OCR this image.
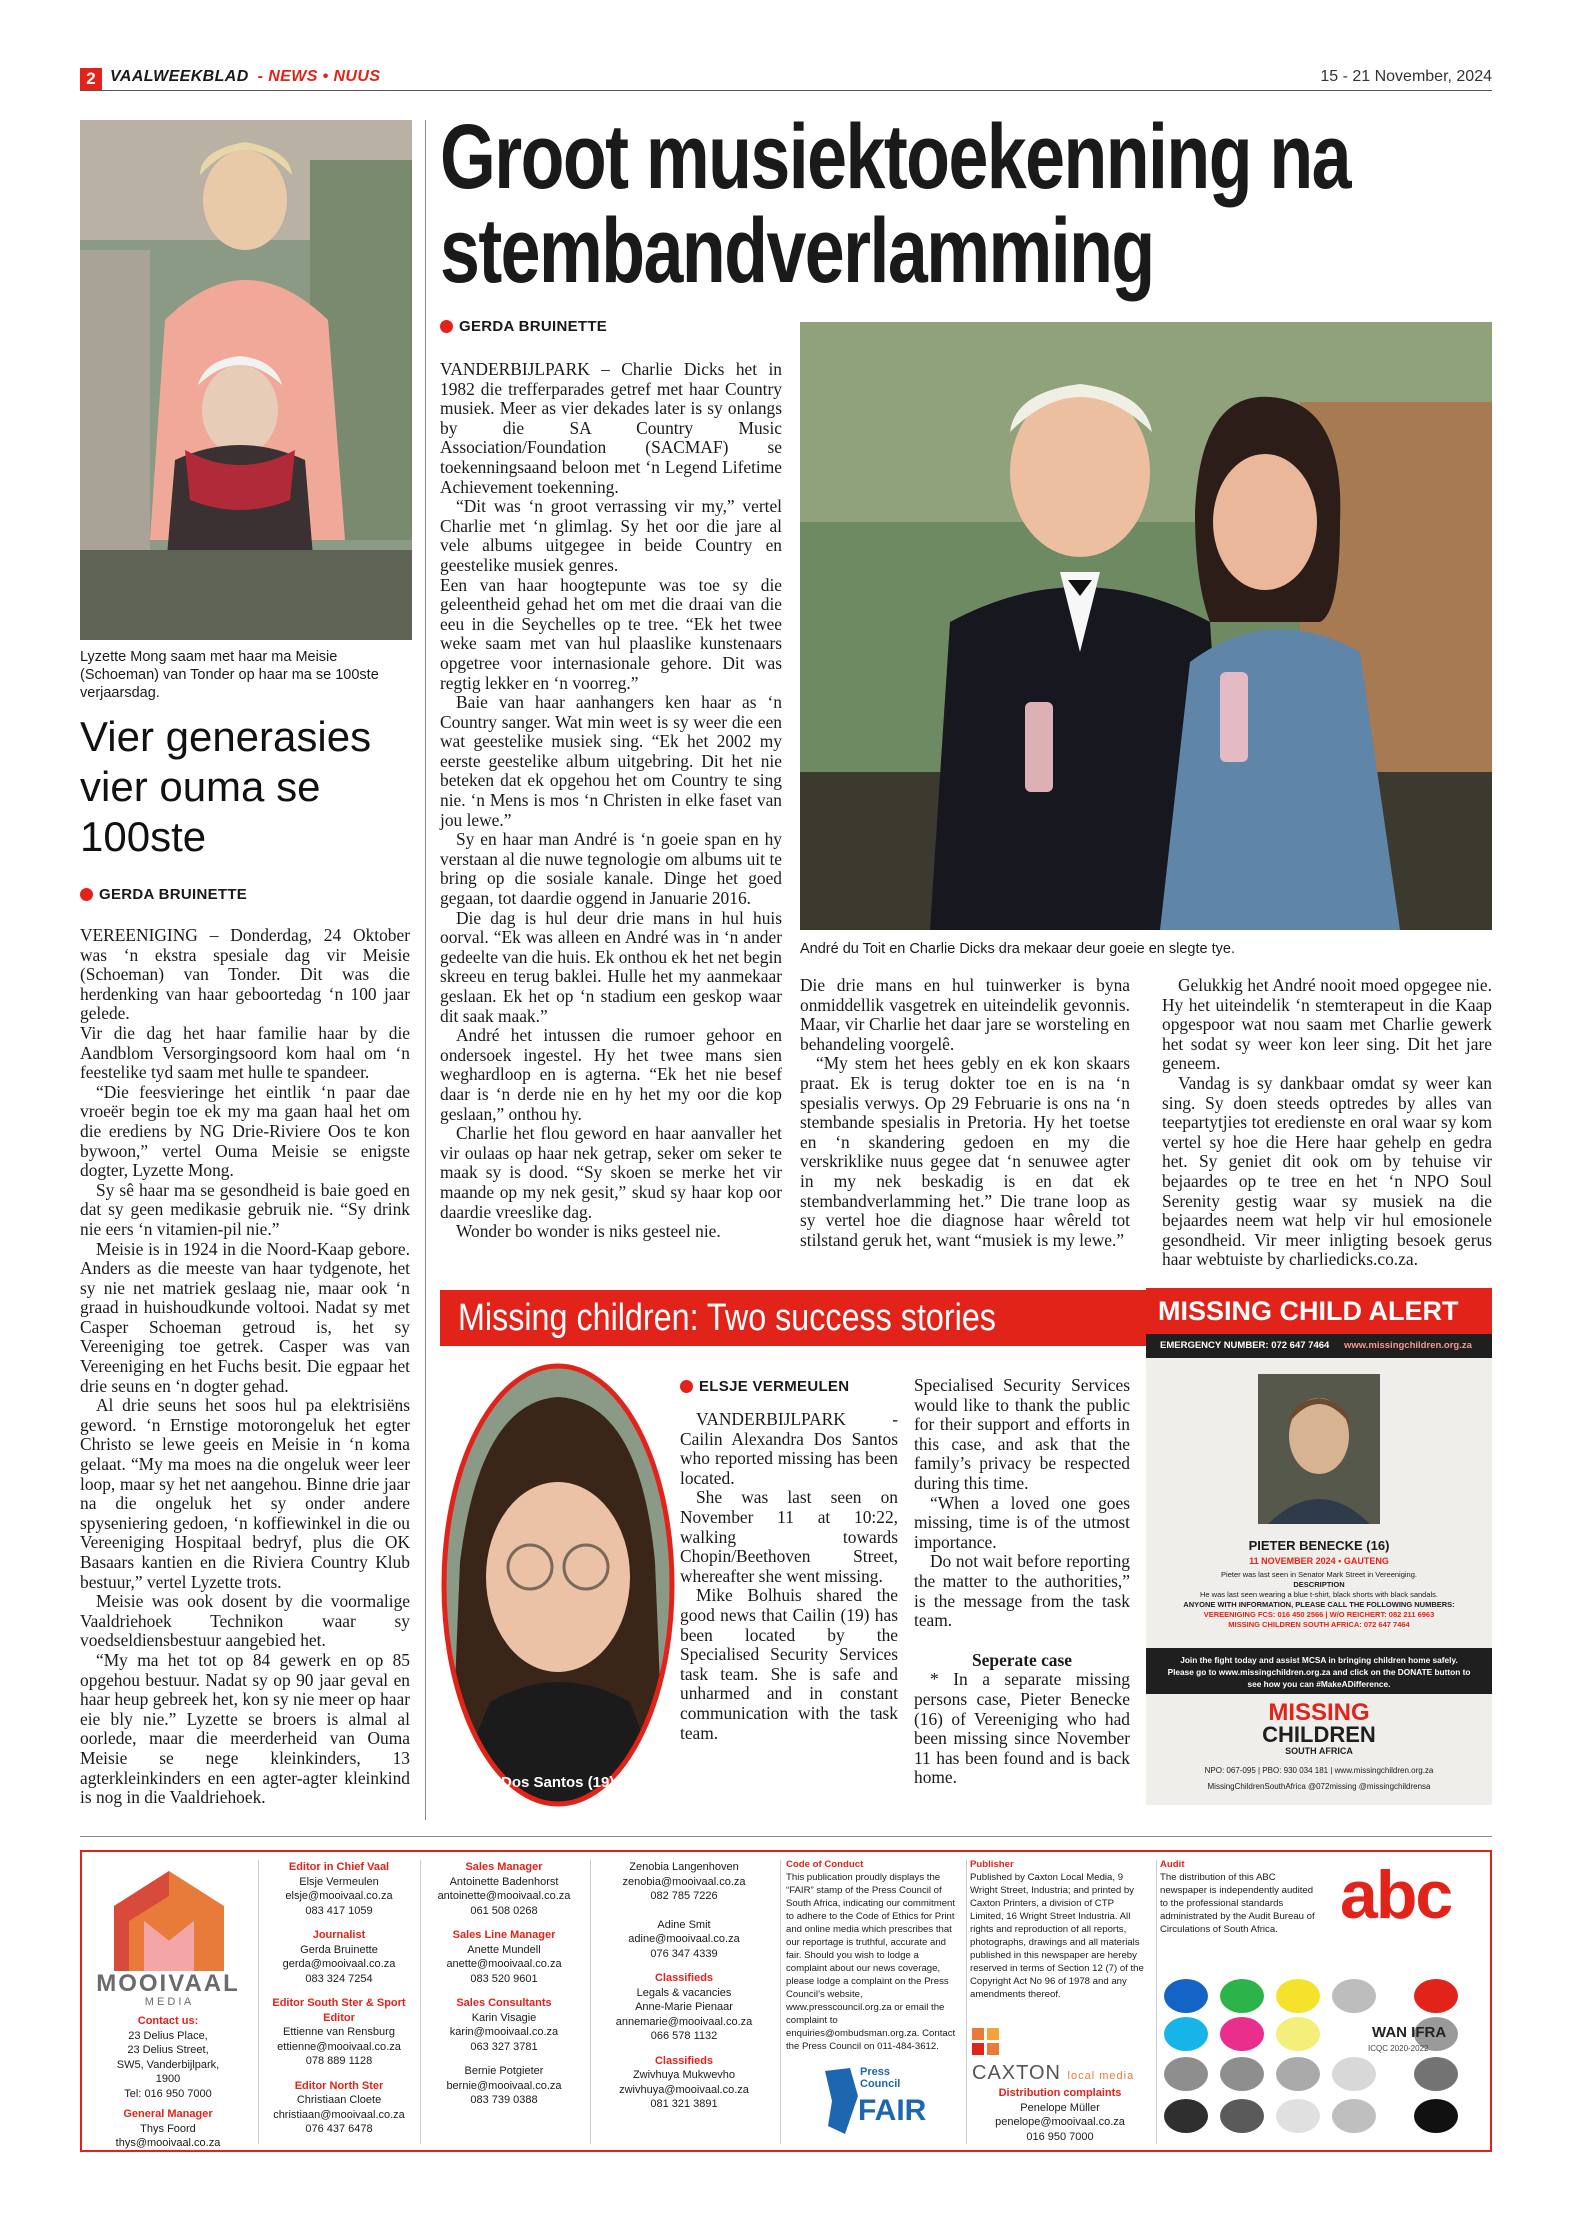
2 VAALWEEKBLAD - NEWS • NUUS	15 - 21 November, 2024
Lyzette Mong saam met haar ma Meisie (Schoeman) van Tonder op haar ma se 100ste verjaarsdag.
Vier generasies vier ouma se 100ste
GERDA BRUINETTE

VEREENIGING – Donderdag, 24 Oktober was ‘n ekstra spesiale dag vir Meisie (Schoeman) van Tonder. Dit was die herdenking van haar geboortedag ‘n 100 jaar gelede.

Vir die dag het haar familie haar by die Aandblom Versorgingsoord kom haal om ‘n feestelike tyd saam met hulle te spandeer.

“Die feesvieringe het eintlik ‘n paar dae vroeër begin toe ek my ma gaan haal het om die erediens by NG Drie-Riviere Oos te kon bywoon,” vertel Ouma Meisie se enigste dogter, Lyzette Mong.

Sy sê haar ma se gesondheid is baie goed en dat sy geen medikasie gebruik nie. “Sy drink nie eers ‘n vitamien-pil nie.”

Meisie is in 1924 in die Noord-Kaap gebore. Anders as die meeste van haar tydgenote, het sy nie net matriek geslaag nie, maar ook ‘n graad in huishoudkunde voltooi. Nadat sy met Casper Schoeman getroud is, het sy Vereeniging toe getrek. Casper was van Vereeniging en het Fuchs besit. Die egpaar het drie seuns en ‘n dogter gehad.

Al drie seuns het soos hul pa elektrisiëns geword. ‘n Ernstige motorongeluk het egter Christo se lewe geeis en Meisie in ‘n koma gelaat. “My ma moes na die ongeluk weer leer loop, maar sy het net aangehou. Binne drie jaar na die ongeluk het sy onder andere spyseniering gedoen, ‘n koffiewinkel in die ou Vereeniging Hospitaal bedryf, plus die OK Basaars kantien en die Riviera Country Klub bestuur,” vertel Lyzette trots.

Meisie was ook dosent by die voormalige Vaaldriehoek Technikon waar sy voedseldiensbestuur aangebied het.

“My ma het tot op 84 gewerk en op 85 opgehou bestuur. Nadat sy op 90 jaar geval en haar heup gebreek het, kon sy nie meer op haar eie bly nie.” Lyzette se broers is almal al oorlede, maar die meerderheid van Ouma Meisie se nege kleinkinders, 13 agterkleinkinders en een agter-agter kleinkind is nog in die Vaaldriehoek.

Groot musiektoekenning na stembandverlamming
GERDA BRUINETTE

VANDERBIJLPARK – Charlie Dicks het in 1982 die trefferparades getref met haar Country musiek. Meer as vier dekades later is sy onlangs by die SA Country Music Association/Foundation (SACMAF) se toekenningsaand beloon met ‘n Legend Lifetime Achievement toekenning.

“Dit was ‘n groot verrassing vir my,” vertel Charlie met ‘n glimlag. Sy het oor die jare al vele albums uitgegee in beide Country en geestelike musiek genres.

Een van haar hoogtepunte was toe sy die geleentheid gehad het om met die draai van die eeu in die Seychelles op te tree. “Ek het twee weke saam met van hul plaaslike kunstenaars opgetree voor internasionale gehore. Dit was regtig lekker en ‘n voorreg.”

Baie van haar aanhangers ken haar as ‘n Country sanger. Wat min weet is sy weer die een wat geestelike musiek sing. “Ek het 2002 my eerste geestelike album uitgebring. Dit het nie beteken dat ek opgehou het om Country te sing nie. ‘n Mens is mos ‘n Christen in elke faset van jou lewe.”

Sy en haar man André is ‘n goeie span en hy verstaan al die nuwe tegnologie om albums uit te bring op die sosiale kanale. Dinge het goed gegaan, tot daardie oggend in Januarie 2016.

Die dag is hul deur drie mans in hul huis oorval. “Ek was alleen en André was in ‘n ander gedeelte van die huis. Ek onthou ek het net begin skreeu en terug baklei. Hulle het my aanmekaar geslaan. Ek het op ‘n stadium een geskop waar dit saak maak.”

André het intussen die rumoer gehoor en ondersoek ingestel. Hy het twee mans sien weghardloop en is agterna. “Ek het nie besef daar is ‘n derde nie en hy het my oor die kop geslaan,” onthou hy.

Charlie het flou geword en haar aanvaller het vir oulaas op haar nek getrap, seker om seker te maak sy is dood. “Sy skoen se merke het vir maande op my nek gesit,” skud sy haar kop oor daardie vreeslike dag.

Wonder bo wonder is niks gesteel nie.

André du Toit en Charlie Dicks dra mekaar deur goeie en slegte tye.

Die drie mans en hul tuinwerker is byna onmiddellik vasgetrek en uiteindelik gevonnis. Maar, vir Charlie het daar jare se worsteling en behandeling voorgelê.

“My stem het hees gebly en ek kon skaars praat. Ek is terug dokter toe en is na ‘n spesialis verwys. Op 29 Februarie is ons na ‘n stembande spesialis in Pretoria. Hy het toetse en ‘n skandering gedoen en my die verskriklike nuus gegee dat ‘n senuwee agter in my nek beskadig is en dat ek stembandverlamming het.” Die trane loop as sy vertel hoe die diagnose haar wêreld tot stilstand geruk het, want “musiek is my lewe.”

Gelukkig het André nooit moed opgegee nie. Hy het uiteindelik ‘n stemterapeut in die Kaap opgespoor wat nou saam met Charlie gewerk het sodat sy weer kon leer sing. Dit het jare geneem.

Vandag is sy dankbaar omdat sy weer kan sing. Sy doen steeds optredes by alles van teepartytjies tot eredienste en oral waar sy kom vertel sy hoe die Here haar gehelp en gedra het. Sy geniet dit ook om by tehuise vir bejaardes op te tree en het ‘n NPO Soul Serenity gestig waar sy musiek na die bejaardes neem wat help vir hul emosionele gesondheid. Vir meer inligting besoek gerus haar webtuiste by charliedicks.co.za.

Missing children: Two success stories
Cailin Dos Santos (19)
ELSJE VERMEULEN

VANDERBIJLPARK - Cailin Alexandra Dos Santos who reported missing has been located.

She was last seen on November 11 at 10:22, walking towards Chopin/Beethoven Street, whereafter she went missing.

Mike Bolhuis shared the good news that Cailin (19) has been located by the Specialised Security Services task team. She is safe and unharmed and in constant communication with the task team.

Specialised Security Services would like to thank the public for their support and efforts in this case, and ask that the family’s privacy be respected during this time.

“When a loved one goes missing, time is of the utmost importance.

Do not wait before reporting the matter to the authorities,” is the message from the task team.

Seperate case

* In a separate missing persons case, Pieter Benecke (16) of Vereeniging who had been missing since November 11 has been found and is back home.

MISSING CHILD ALERT
EMERGENCY NUMBER: 072 647 7464 www.missingchildren.org.za
PIETER BENECKE (16)
11 NOVEMBER 2024 • GAUTENG
Pieter was last seen in Senator Mark Street in Vereeniging.
DESCRIPTION
He was last seen wearing a blue t-shirt, black shorts with black sandals.
ANYONE WITH INFORMATION, PLEASE CALL THE FOLLOWING NUMBERS:
VEREENIGING FCS: 016 450 2566 | W/O REICHERT: 082 211 6963
MISSING CHILDREN SOUTH AFRICA: 072 647 7464
Join the fight today and assist MCSA in bringing children home safely.
Please go to www.missingchildren.org.za and click on the DONATE button to
see how you can #MakeADifference.
MISSING
CHILDREN
SOUTH AFRICA
NPO: 067-095 | PBO: 930 034 181 | www.missingchildren.org.za
MissingChildrenSouthAfrica @072missing @missingchildrensa
MOOIVAAL
M E D I A
Contact us:
23 Delius Place,
23 Delius Street,
SW5, Vanderbijlpark,
1900
Tel: 016 950 7000
General Manager
Thys Foord
thys@mooivaal.co.za
Editor in Chief Vaal
Elsje Vermeulen
elsje@mooivaal.co.za
083 417 1059
Journalist
Gerda Bruinette
gerda@mooivaal.co.za
083 324 7254
Editor South Ster & Sport Editor
Ettienne van Rensburg
ettienne@mooivaal.co.za
078 889 1128
Editor North Ster
Christiaan Cloete
christiaan@mooivaal.co.za
076 437 6478
Sales Manager
Antoinette Badenhorst
antoinette@mooivaal.co.za
061 508 0268
Sales Line Manager
Anette Mundell
anette@mooivaal.co.za
083 520 9601
Sales Consultants
Karin Visagie
karin@mooivaal.co.za
063 327 3781
Bernie Potgieter
bernie@mooivaal.co.za
083 739 0388
Zenobia Langenhoven
zenobia@mooivaal.co.za
082 785 7226
Adine Smit
adine@mooivaal.co.za
076 347 4339
Classifieds
Legals & vacancies
Anne-Marie Pienaar
annemarie@mooivaal.co.za
066 578 1132
Classifieds
Zwivhuya Mukwevho
zwivhuya@mooivaal.co.za
081 321 3891
Code of Conduct
This publication proudly displays the “FAIR” stamp of the Press Council of South Africa, indicating our commitment to adhere to the Code of Ethics for Print and online media which prescribes that our reportage is truthful, accurate and fair. Should you wish to lodge a complaint about our news coverage, please lodge a complaint on the Press Council’s website, www.presscouncil.org.za or email the complaint to enquiries@ombudsman.org.za. Contact the Press Council on 011-484-3612.
Press
Council
FAIR
Publisher
Published by Caxton Local Media, 9 Wright Street, Industria; and printed by Caxton Printers, a division of CTP Limited, 16 Wright Street Industria. All rights and reproduction of all reports, photographs, drawings and all materials published in this newspaper are hereby reserved in terms of Section 12 (7) of the Copyright Act No 96 of 1978 and any amendments thereof.
CAXTON local media
Distribution complaints
Penelope Müller
penelope@mooivaal.co.za
016 950 7000
Audit
The distribution of this ABC newspaper is independently audited to the professional standards administrated by the Audit Bureau of Circulations of South Africa. abc
WAN IFRA
ICQC 2020-2022
